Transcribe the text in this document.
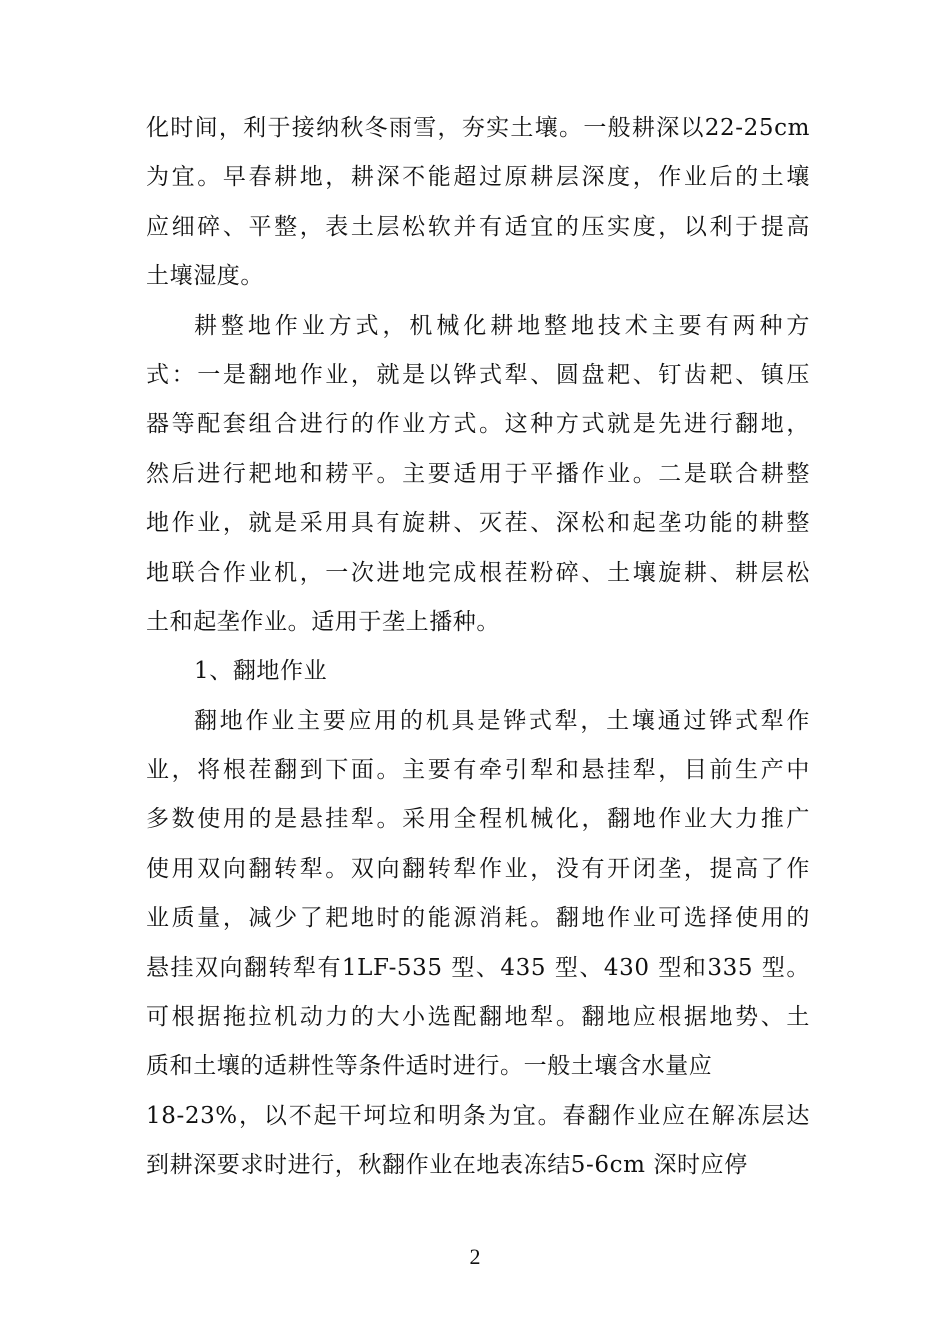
化时间，利于接纳秋冬雨雪，夯实土壤。一般耕深以22-25cm
为宜。早春耕地，耕深不能超过原耕层深度，作业后的土壤
应细碎、平整，表土层松软并有适宜的压实度，以利于提高
土壤湿度。
耕整地作业方式，机械化耕地整地技术主要有两种方
式：一是翻地作业，就是以铧式犁、圆盘耙、钉齿耙、镇压
器等配套组合进行的作业方式。这种方式就是先进行翻地，
然后进行耙地和耢平。主要适用于平播作业。二是联合耕整
地作业，就是采用具有旋耕、灭茬、深松和起垄功能的耕整
地联合作业机，一次进地完成根茬粉碎、土壤旋耕、耕层松
土和起垄作业。适用于垄上播种。
1、翻地作业
翻地作业主要应用的机具是铧式犁，土壤通过铧式犁作
业，将根茬翻到下面。主要有牵引犁和悬挂犁，目前生产中
多数使用的是悬挂犁。采用全程机械化，翻地作业大力推广
使用双向翻转犁。双向翻转犁作业，没有开闭垄，提高了作
业质量，减少了耙地时的能源消耗。翻地作业可选择使用的
悬挂双向翻转犁有1LF-535 型、435 型、430 型和335 型。
可根据拖拉机动力的大小选配翻地犁。翻地应根据地势、土
质和土壤的适耕性等条件适时进行。一般土壤含水量应
18-23%，以不起干坷垃和明条为宜。春翻作业应在解冻层达
到耕深要求时进行，秋翻作业在地表冻结5-6cm 深时应停
2
